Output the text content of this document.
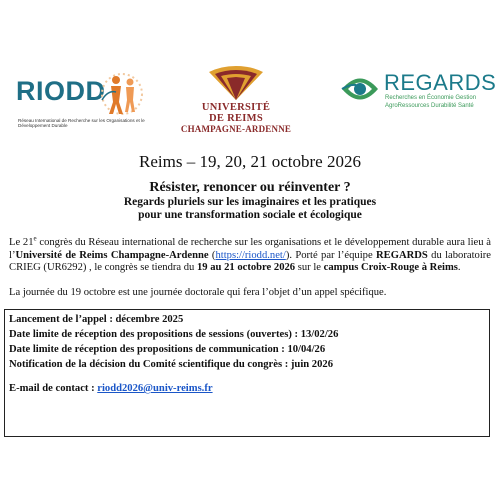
RIODD
Réseau International de Recherche sur les Organisations et le Développement Durable
UNIVERSITÉ
DE REIMS
CHAMPAGNE-ARDENNE
REGARDS
Recherches en Économie Gestion
AgroRessources Durabilité Santé
Reims – 19, 20, 21 octobre 2026
Résister, renoncer ou réinventer ?
Regards pluriels sur les imaginaires et les pratiques
pour une transformation sociale et écologique
Le 21e congrès du Réseau international de recherche sur les organisations et le développement durable aura lieu à l’Université de Reims Champagne-Ardenne (https://riodd.net/). Porté par l’équipe REGARDS du laboratoire CRIEG (UR6292) , le congrès se tiendra du 19 au 21 octobre 2026 sur le campus Croix-Rouge à Reims.
La journée du 19 octobre est une journée doctorale qui fera l’objet d’un appel spécifique.
Lancement de l’appel : décembre 2025
Date limite de réception des propositions de sessions (ouvertes) : 13/02/26
Date limite de réception des propositions de communication : 10/04/26
Notification de la décision du Comité scientifique du congrès : juin 2026
E-mail de contact : riodd2026@univ-reims.fr
